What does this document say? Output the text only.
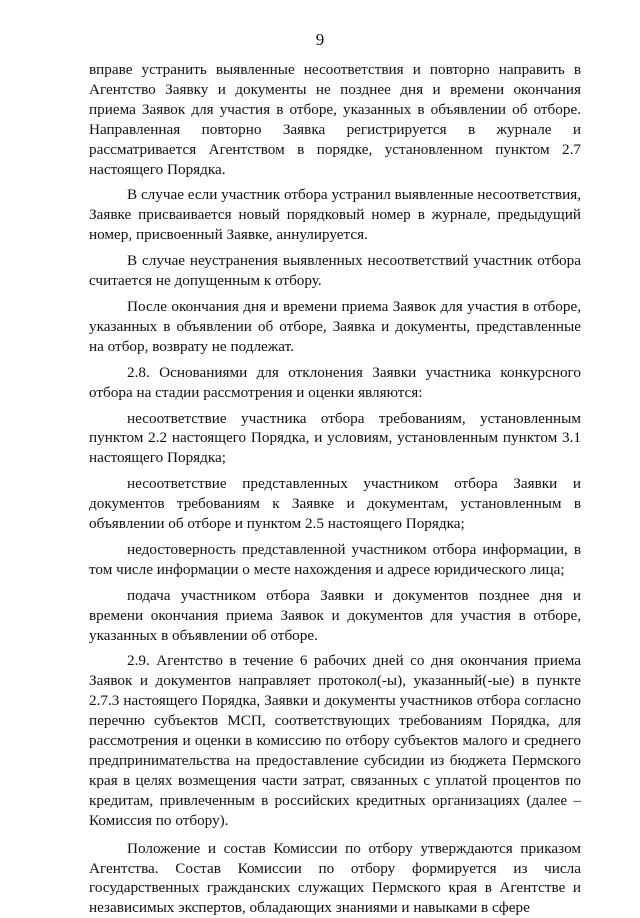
9

вправе устранить выявленные несоответствия и повторно направить в Агентство Заявку и документы не позднее дня и времени окончания приема Заявок для участия в отборе, указанных в объявлении об отборе. Направленная повторно Заявка регистрируется в журнале и рассматривается Агентством в порядке, установленном пунктом 2.7 настоящего Порядка.

В случае если участник отбора устранил выявленные несоответствия, Заявке присваивается новый порядковый номер в журнале, предыдущий номер, присвоенный Заявке, аннулируется.

В случае неустранения выявленных несоответствий участник отбора считается не допущенным к отбору.

После окончания дня и времени приема Заявок для участия в отборе, указанных в объявлении об отборе, Заявка и документы, представленные на отбор, возврату не подлежат.

2.8. Основаниями для отклонения Заявки участника конкурсного отбора на стадии рассмотрения и оценки являются:

несоответствие участника отбора требованиям, установленным пунктом 2.2 настоящего Порядка, и условиям, установленным пунктом 3.1 настоящего Порядка;

несоответствие представленных участником отбора Заявки и документов требованиям к Заявке и документам, установленным в объявлении об отборе и пунктом 2.5 настоящего Порядка;

недостоверность представленной участником отбора информации, в том числе информации о месте нахождения и адресе юридического лица;

подача участником отбора Заявки и документов позднее дня и времени окончания приема Заявок и документов для участия в отборе, указанных в объявлении об отборе.

2.9. Агентство в течение 6 рабочих дней со дня окончания приема Заявок и документов направляет протокол(-ы), указанный(-ые) в пункте 2.7.3 настоящего Порядка, Заявки и документы участников отбора согласно перечню субъектов МСП, соответствующих требованиям Порядка, для рассмотрения и оценки в комиссию по отбору субъектов малого и среднего предпринимательства на предоставление субсидии из бюджета Пермского края в целях возмещения части затрат, связанных с уплатой процентов по кредитам, привлеченным в российских кредитных организациях (далее – Комиссия по отбору).

Положение и состав Комиссии по отбору утверждаются приказом Агентства. Состав Комиссии по отбору формируется из числа государственных гражданских служащих Пермского края в Агентстве и независимых экспертов, обладающих знаниями и навыками в сфере
